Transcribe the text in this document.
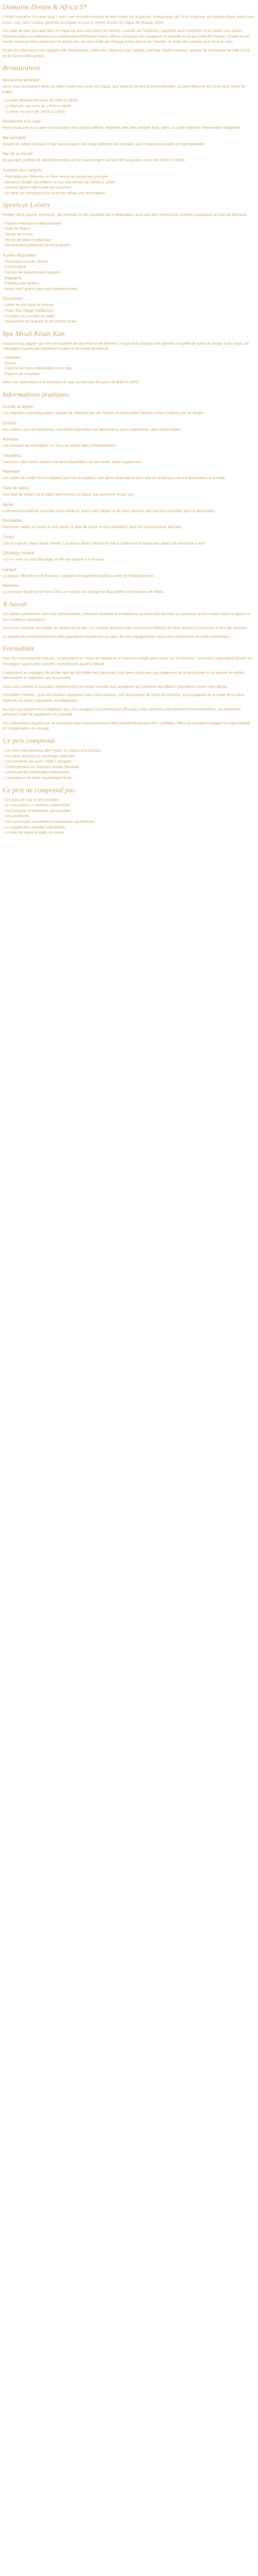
Domaine Dream & Africa 5*

L'Hôtel consacre 25 suites dont 1 avec une véranda donnant de bien-fondé sur la piscine, à beaucoup, de 70 m² chacune, en bordure d'une vaste cour d'eau, vue, notre couleur générale principale et pour le confort le plus en vogue de chaque client.

Les salle de bain principal dans le lodge est une vraie pièce de lumière, ouverte sur l'extérieur, rappelant ainsi l'extérieur et la nature. Les suites, décorées dans un chaleureux ton traditionnel d'influence locale, offrent aussi pour les voyageurs la sérénité et un pur hôtel de charme. Quand le soir tombe venez prendre place sous le grand ciel, qui sera veillé par l'équipe à une douce vie l'intimité, le chant des oiseaux et le bruit du vent.

Toutes les chambres sont équipées de climatisation, coffre-fort, télévision par satellite, mini-bar, sèche-cheveux, plateau de bienvenue de café et thé, et de l'accès WiFi gratuit.

Restauration
Restaurant principal

Nous vous accueillons dans un cadre chaleureux pour vos repas, aux saveurs locales et internationales. Le petit-déjeuner est servi sous forme de buffet.

- Le petit-déjeuner est servi de 7h00 à 10h00
- Le déjeuner est servi de 12h00 à 14h30
- Le dîner est servi de 19h00 à 22h00

Restaurant à la carte

Notre restaurant à la carte vous propose une cuisine raffinée, élaborée avec des produits frais, dans un cadre intimiste. Réservation obligatoire.

Bar principal

Ouvert de 10h00 à minuit, le bar vous propose une large sélection de cocktails, vins et boissons locales et internationales.

Bar de la piscine

En journée, profitez de rafraîchissements et de snacks légers au bord de la piscine, ouvert de 10h00 à 18h00.

Formule tout compris

- Petit-déjeuner, déjeuner et dîner servis au restaurant principal
- Boissons locales alcoolisées et non alcoolisées de 10h00 à 23h00
- Snacks l'après-midi au bar de la piscine
- Un dîner au restaurant à la carte par séjour (sur réservation)

Sports et Loisirs

Profitez de la piscine extérieure, des transats et des parasols mis à disposition, ainsi que des nombreuses activités proposées au sein du domaine.

- Piscine extérieure à débordement
- Salle de fitness
- Terrain de tennis
- Tennis de table et pétanque
- Randonnées pédestres accompagnées

A votre disposition

- Réception ouverte 24h/24
- Conciergerie
- Service de blanchisserie (payant)
- Bagagerie
- Parking privé gratuit
- Accès WiFi gratuit dans tout l'établissement

Excursions

- Safari en 4x4 dans la réserve
- Visite d'un village traditionnel
- Croisière au coucher du soleil
- Découverte de la faune et de la flore locale

Spa Mvuli Kisan Kan

Laissez-vous gagner par une atmosphère de bien-être et de détente. Le spa vous propose une gamme complète de soins du visage et du corps, de massages inspirés des traditions locales et de rituels de beauté.

- Hammam
- Sauna
- Cabines de soins individuelles et en duo
- Espace de relaxation

Soins sur réservation à la réception du spa, ouvert tous les jours de 9h00 à 20h00.

Informations pratiques
Arrivée et départ

Les chambres sont disponibles à partir de 14h00 le jour de l'arrivée et doivent être libérées avant 11h00 le jour du départ.

Enfants

Les enfants sont les bienvenus. Lits bébé disponibles sur demande et sans supplément, selon disponibilité.

Animaux

Les animaux de compagnie ne sont pas admis dans l'établissement.

Transferts

Transferts aller-retour depuis l'aéroport disponibles sur demande, avec supplément.

Paiement

Les cartes de crédit Visa et MasterCard sont acceptées. Une pièce d'identité et une carte de crédit vous seront demandées à l'arrivée.

Taxe de séjour

Une taxe de séjour est à régler directement sur place, par personne et par nuit.

Santé

Il est recommandé de consulter votre médecin avant votre départ et de vous informer des vaccins conseillés pour la destination.

Formalités

Passeport valide au moins 6 mois après la date de retour et visa obligatoire pour les ressortissants français.

Climat

Climat tropical, chaud toute l'année. La saison sèche s'étend de mai à octobre et la saison des pluies de novembre à avril.

Décalage horaire

+1h en hiver et sans décalage en été par rapport à la France.

Langue

La langue officielle est le français. L'anglais est également parlé au sein de l'établissement.

Monnaie

La monnaie locale est le franc CFA. Un bureau de change est disponible à la réception de l'hôtel.

À Savoir

Les photos présentées sont non contractuelles. Certaines activités et installations peuvent être fermées ou soumises à réservation selon la saison et les conditions climatiques.

Une tenue correcte est exigée au restaurant le soir. Les enfants doivent rester sous la surveillance de leurs parents à la piscine et lors des activités.

Le respect de l'environnement et des populations locales est au cœur de nos engagements. Nous vous remercions de votre contribution.

Formalités

Pour les ressortissants français, un passeport en cours de validité et un visa sont exigés pour entrer sur le territoire. Les autres nationalités doivent se renseigner auprès des autorités compétentes avant le départ.

Il appartient au voyageur de vérifier que les formalités qu'il accomplit sont bien conformes aux exigences de la destination et de prévoir les délais nécessaires à l'obtention des documents.

Nous vous invitons à consulter régulièrement les fiches conseils aux voyageurs du ministère des Affaires étrangères avant votre départ.

Formalités d'entrée : pour les mineurs voyageant sans leurs parents, une autorisation de sortie du territoire, accompagnée de la copie de la pièce d'identité du parent signataire, est obligatoire.

Aucune vaccination n'est obligatoire pour les voyageurs en provenance d'Europe, mais certaines sont fortement recommandées. Un traitement préventif contre le paludisme est conseillé.

Les informations figurant sur ce document sont communiquées à titre indicatif et peuvent être modifiées. Elles ne sauraient engager la responsabilité de l'organisateur du voyage.

Ce prix comprend

- Les vols internationaux aller-retour en classe économique
- Les taxes aéroport et surcharge carburant
- Les transferts aéroport / hôtel / aéroport
- L'hébergement en chambre double standard
- La formule de restauration mentionnée
- L'assistance de notre représentant local

Ce prix ne comprend pas

- Les frais de visa et de formalités
- Les excursions et activités optionnelles
- Les boissons et dépenses personnelles
- Les pourboires
- Les assurances annulation et assistance rapatriement
- Le supplément chambre individuelle
- La taxe de séjour à régler sur place
